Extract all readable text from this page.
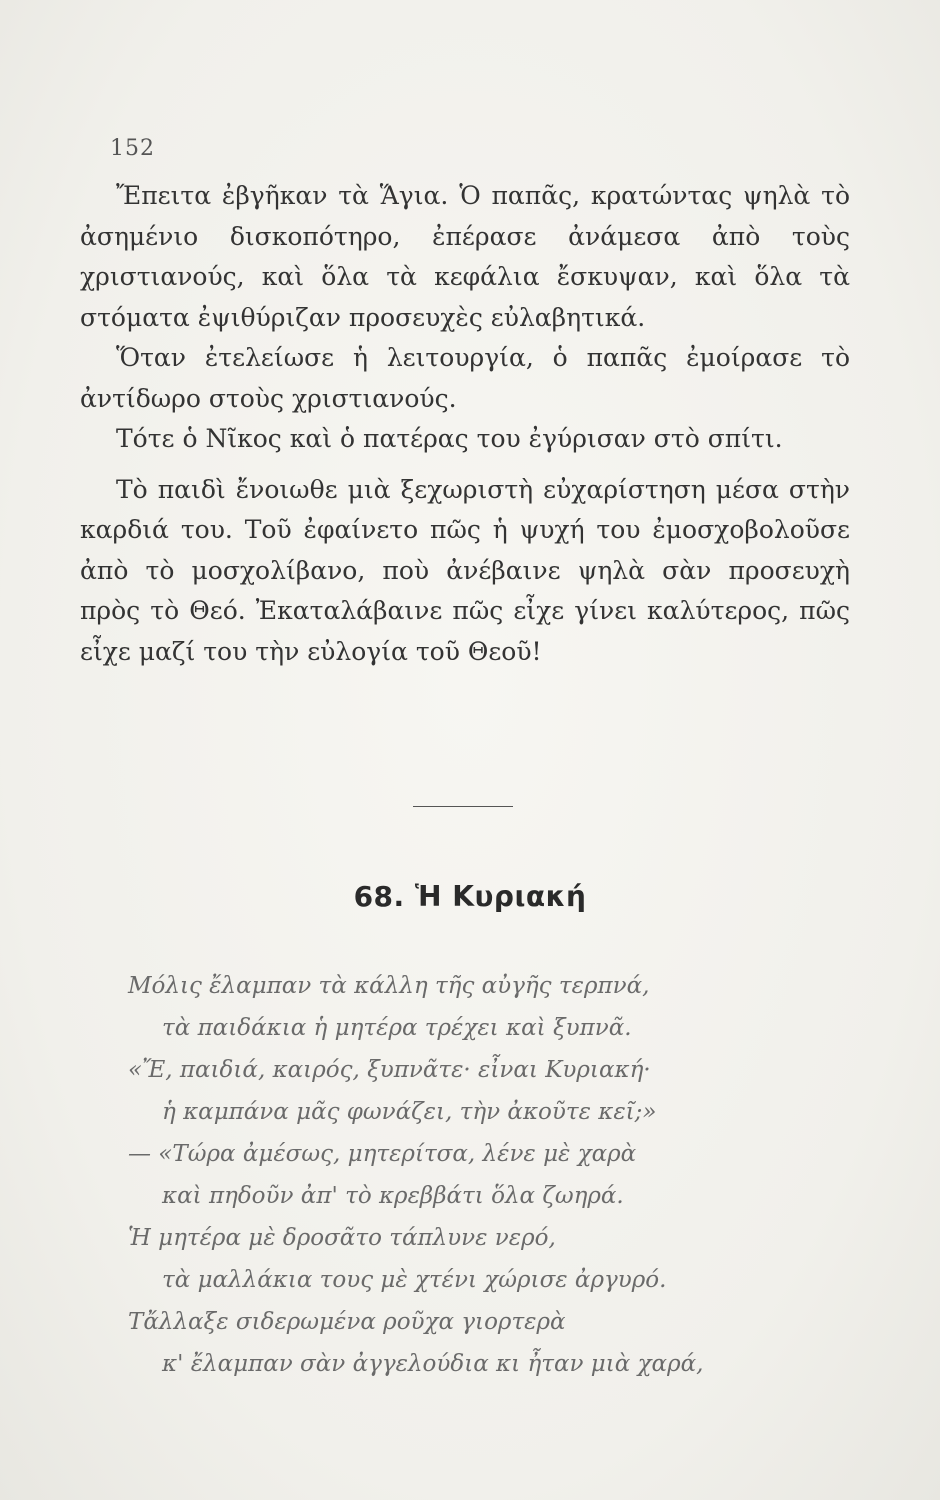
152

Ἔπειτα ἐβγῆκαν τὰ Ἅγια. Ὁ παπᾶς, κρατώντας ψηλὰ τὸ ἀσημένιο δισκοπότηρο, ἐπέρασε ἀνάμεσα ἀπὸ τοὺς χριστιανούς, καὶ ὅλα τὰ κεφάλια ἔσκυψαν, καὶ ὅλα τὰ στόματα ἐψιθύριζαν προσευχὲς εὐλαβητικά.

Ὅταν ἐτελείωσε ἡ λειτουργία, ὁ παπᾶς ἐμοίρασε τὸ ἀντίδωρο στοὺς χριστιανούς.

Τότε ὁ Νῖκος καὶ ὁ πατέρας του ἐγύρισαν στὸ σπίτι.

Τὸ παιδὶ ἔνοιωθε μιὰ ξεχωριστὴ εὐχαρίστηση μέσα στὴν καρδιά του. Τοῦ ἐφαίνετο πῶς ἡ ψυχή του ἐμοσχοβολοῦσε ἀπὸ τὸ μοσχολίβανο, ποὺ ἀνέβαινε ψηλὰ σὰν προσευχὴ πρὸς τὸ Θεό. Ἐκαταλάβαινε πῶς εἶχε γίνει καλύτερος, πῶς εἶχε μαζί του τὴν εὐλογία τοῦ Θεοῦ!

68. Ἡ Κυριακή
Μόλις ἔλαμπαν τὰ κάλλη τῆς αὐγῆς τερπνά,
τὰ παιδάκια ἡ μητέρα τρέχει καὶ ξυπνᾶ.
«Ἔ, παιδιά, καιρός, ξυπνᾶτε· εἶναι Κυριακή·
ἡ καμπάνα μᾶς φωνάζει, τὴν ἀκοῦτε κεῖ;»
— «Τώρα ἀμέσως, μητερίτσα, λένε μὲ χαρὰ
καὶ πηδοῦν ἀπ' τὸ κρεββάτι ὅλα ζωηρά.
Ἡ μητέρα μὲ δροσᾶτο τάπλυνε νερό,
τὰ μαλλάκια τους μὲ χτένι χώρισε ἀργυρό.
Τἄλλαξε σιδερωμένα ροῦχα γιορτερὰ
κ' ἔλαμπαν σὰν ἀγγελούδια κι ἦταν μιὰ χαρά,
